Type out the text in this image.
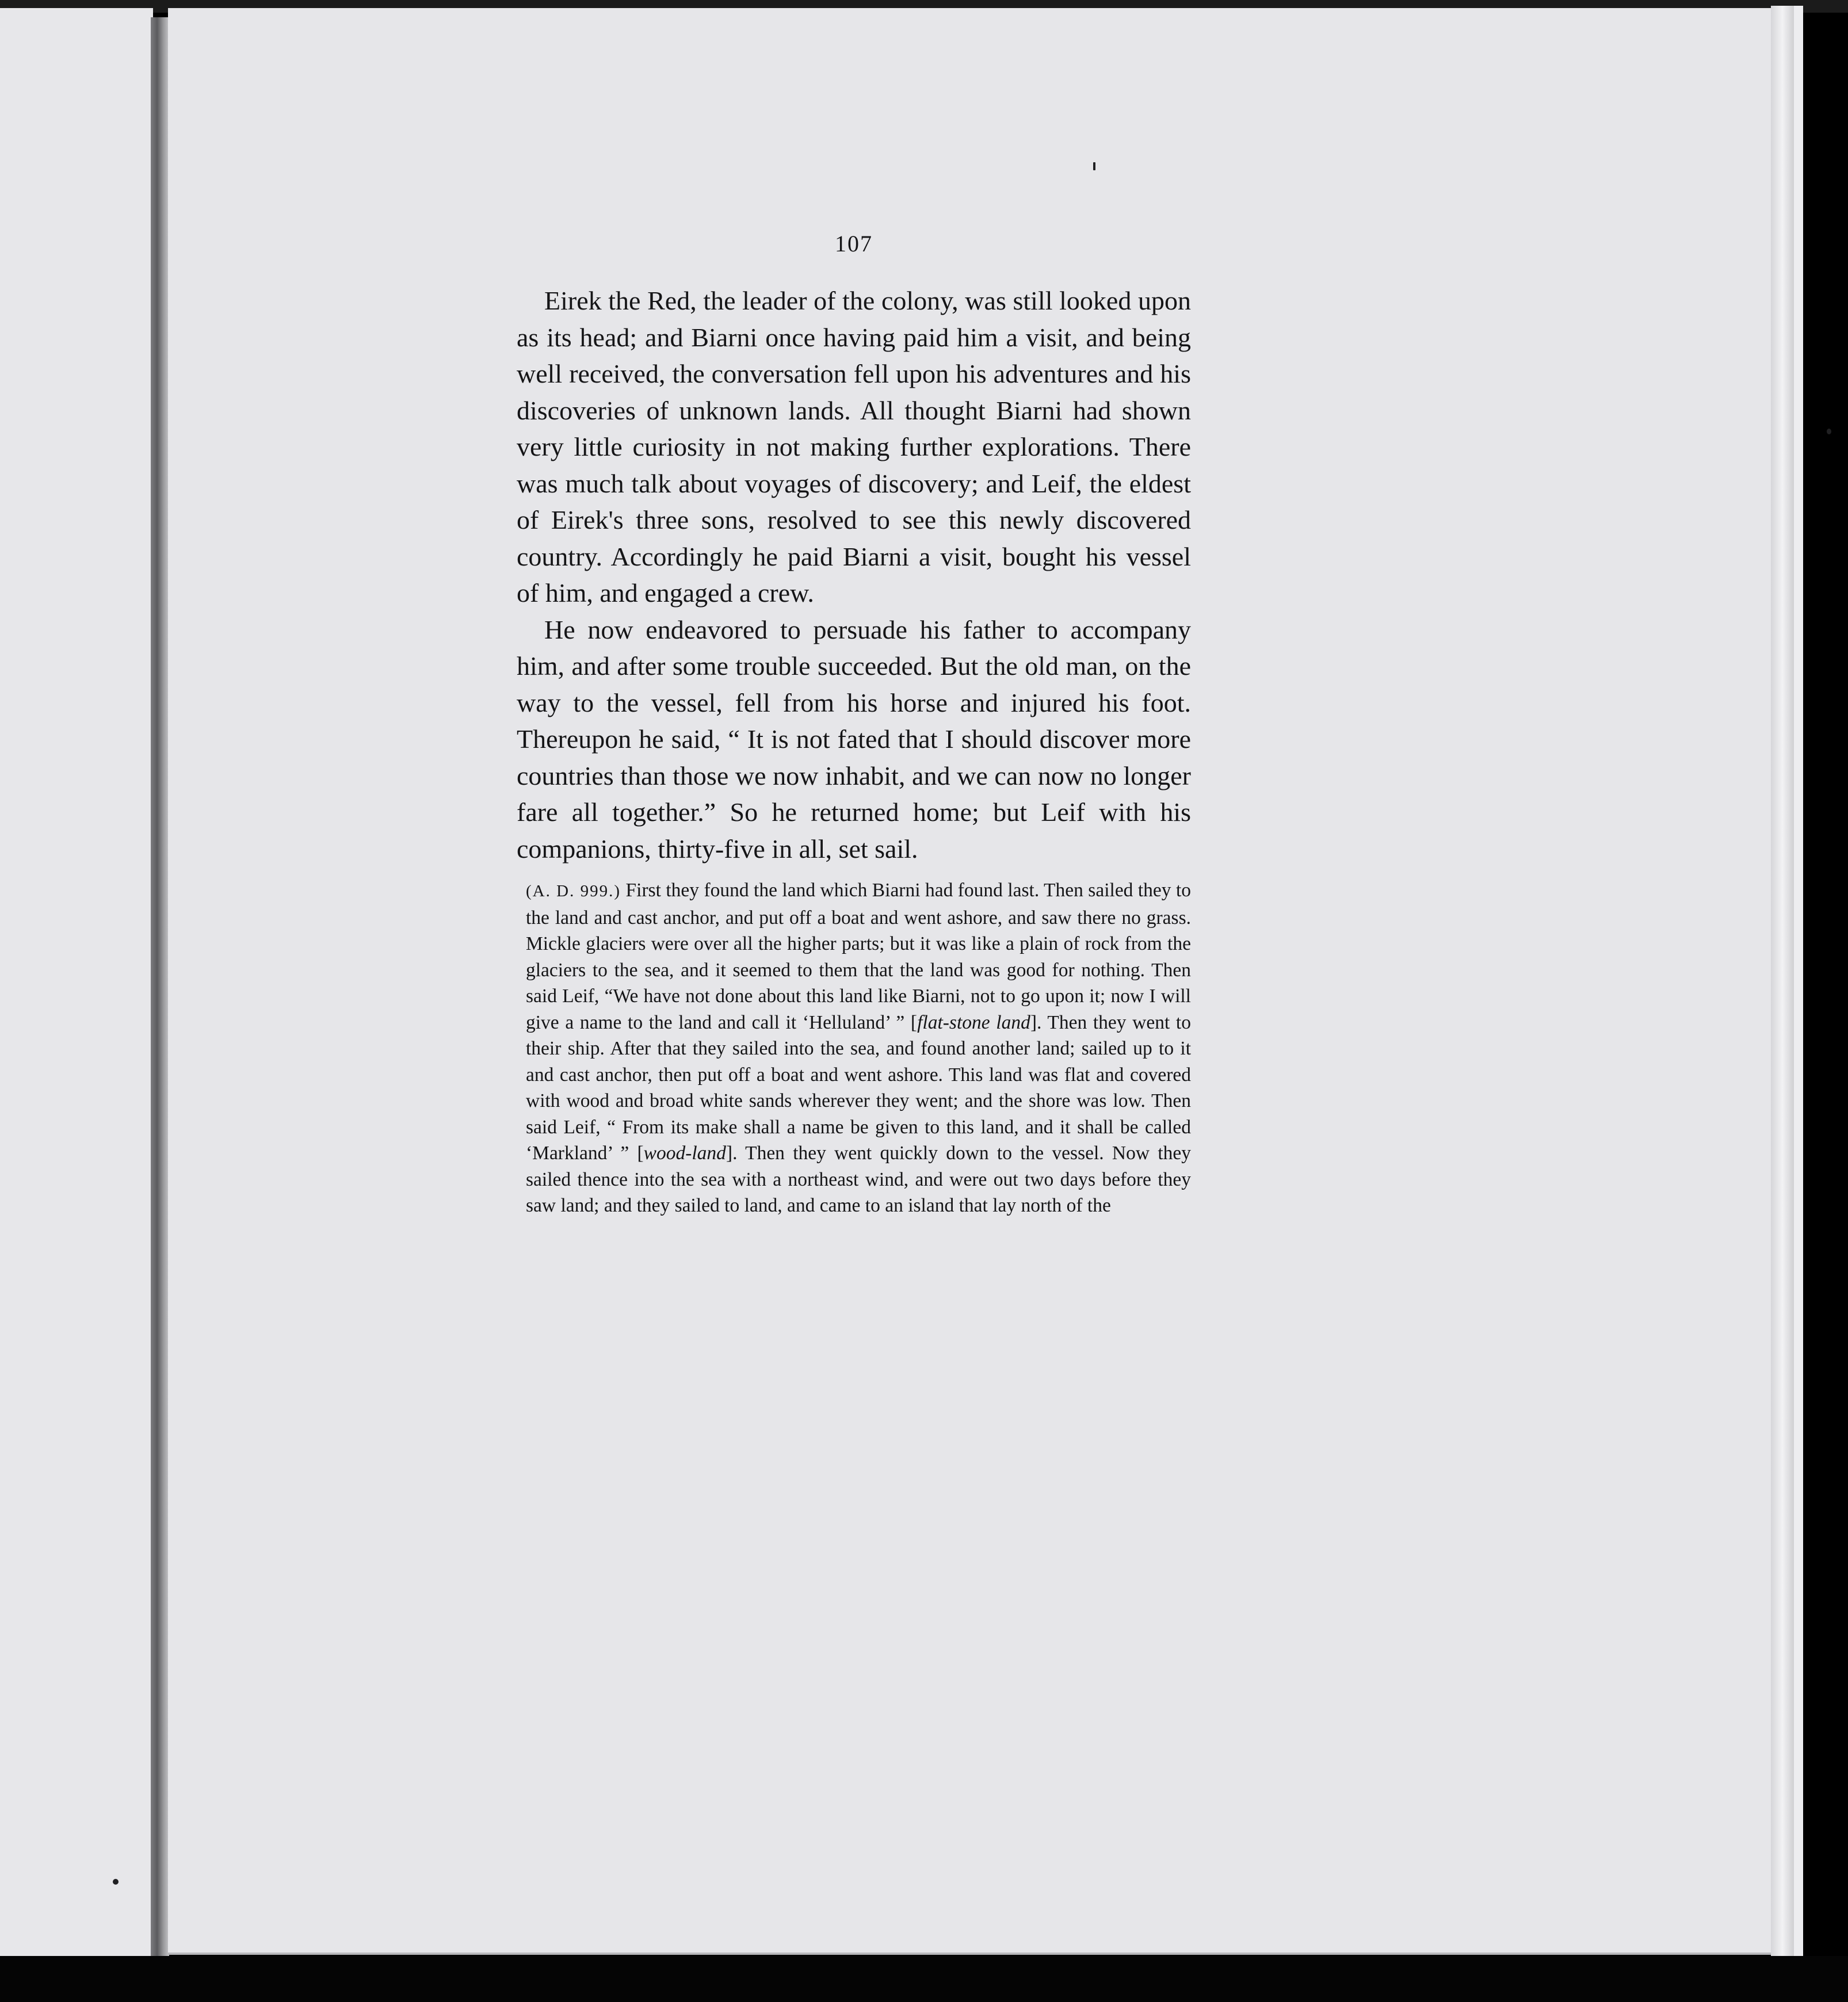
107

Eirek the Red, the leader of the colony, was still looked upon as its head; and Biarni once having paid him a visit, and being well received, the conversation fell upon his adventures and his discoveries of unknown lands. All thought Biarni had shown very little curiosity in not making further explorations. There was much talk about voyages of discovery; and Leif, the eldest of Eirek's three sons, resolved to see this newly discovered country. Accordingly he paid Biarni a visit, bought his vessel of him, and engaged a crew.

He now endeavored to persuade his father to accompany him, and after some trouble succeeded. But the old man, on the way to the vessel, fell from his horse and injured his foot. Thereupon he said, “ It is not fated that I should discover more countries than those we now inhabit, and we can now no longer fare all together.” So he returned home; but Leif with his companions, thirty-five in all, set sail.

(A. D. 999.) First they found the land which Biarni had found last. Then sailed they to the land and cast anchor, and put off a boat and went ashore, and saw there no grass. Mickle glaciers were over all the higher parts; but it was like a plain of rock from the glaciers to the sea, and it seemed to them that the land was good for nothing. Then said Leif, “We have not done about this land like Biarni, not to go upon it; now I will give a name to the land and call it ‘Helluland’ ” [flat-stone land]. Then they went to their ship. After that they sailed into the sea, and found another land; sailed up to it and cast anchor, then put off a boat and went ashore. This land was flat and covered with wood and broad white sands wherever they went; and the shore was low. Then said Leif, “ From its make shall a name be given to this land, and it shall be called ‘Markland’ ” [wood-land]. Then they went quickly down to the vessel. Now they sailed thence into the sea with a northeast wind, and were out two days before they saw land; and they sailed to land, and came to an island that lay north of the
